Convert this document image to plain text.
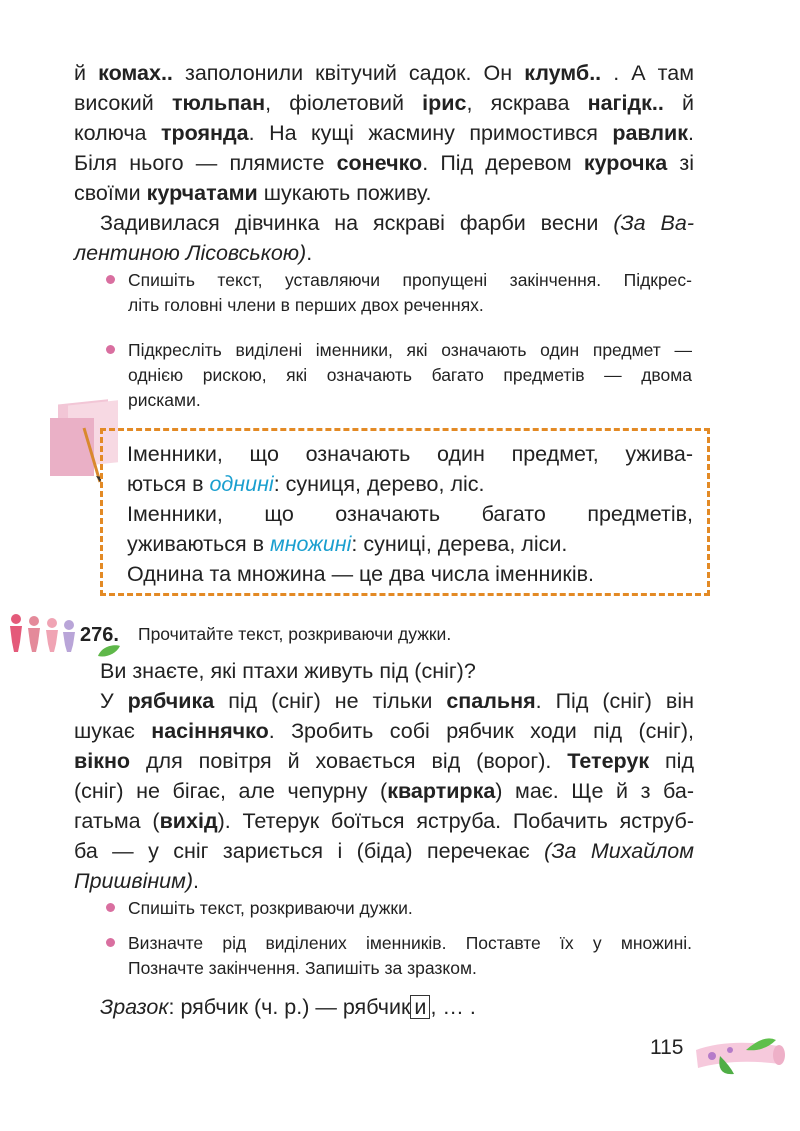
й комах.. заполонили квітучий садок. Он клумб.. . А там
високий тюльпан, фіолетовий ірис, яскрава нагідк.. й
колюча троянда. На кущі жасмину примостився равлик.
Біля нього — плямисте сонечко. Під деревом курочка зі
своїми курчатами шукають поживу.
Задивилася дівчинка на яскраві фарби весни (За Ва-
лентиною Лісовською).
Спишіть текст, уставляючи пропущені закінчення. Підкрес-
літь головні члени в перших двох реченнях.
Підкресліть виділені іменники, які означають один предмет —
однією рискою, які означають багато предметів — двома
рисками.
Іменники, що означають один предмет, ужива-
ються в однині: суниця, дерево, ліс.
Іменники, що означають багато предметів,
уживаються в множині: суниці, дерева, ліси.
Однина та множина — це два числа іменників.
276. Прочитайте текст, розкриваючи дужки.
Ви знаєте, які птахи живуть під (сніг)?
У рябчика під (сніг) не тільки спальня. Під (сніг) він
шукає насіннячко. Зробить собі рябчик ходи під (сніг),
вікно для повітря й ховається від (ворог). Тетерук під
(сніг) не бігає, але чепурну (квартирка) має. Ще й з ба-
гатьма (вихід). Тетерук боїться яструба. Побачить яструб-
ба — у сніг зариється і (біда) перечекає (За Михайлом
Пришвіним).
Спишіть текст, розкриваючи дужки.
Визначте рід виділених іменників. Поставте їх у множині.
Позначте закінчення. Запишіть за зразком.
Зразок: рябчик (ч. р.) — рябчик и , … .
115
